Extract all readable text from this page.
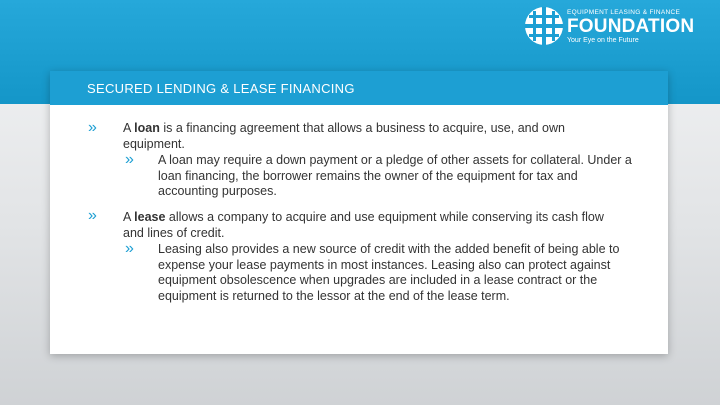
EQUIPMENT LEASING & FINANCE
FOUNDATION
Your Eye on the Future
SECURED LENDING & LEASE FINANCING
» A loan is a financing agreement that allows a business to acquire, use, and own equipment.
» A loan may require a down payment or a pledge of other assets for collateral. Under a loan financing, the borrower remains the owner of the equipment for tax and accounting purposes.
» A lease allows a company to acquire and use equipment while conserving its cash flow and lines of credit.
» Leasing also provides a new source of credit with the added benefit of being able to expense your lease payments in most instances. Leasing also can protect against equipment obsolescence when upgrades are included in a lease contract or the equipment is returned to the lessor at the end of the lease term.
